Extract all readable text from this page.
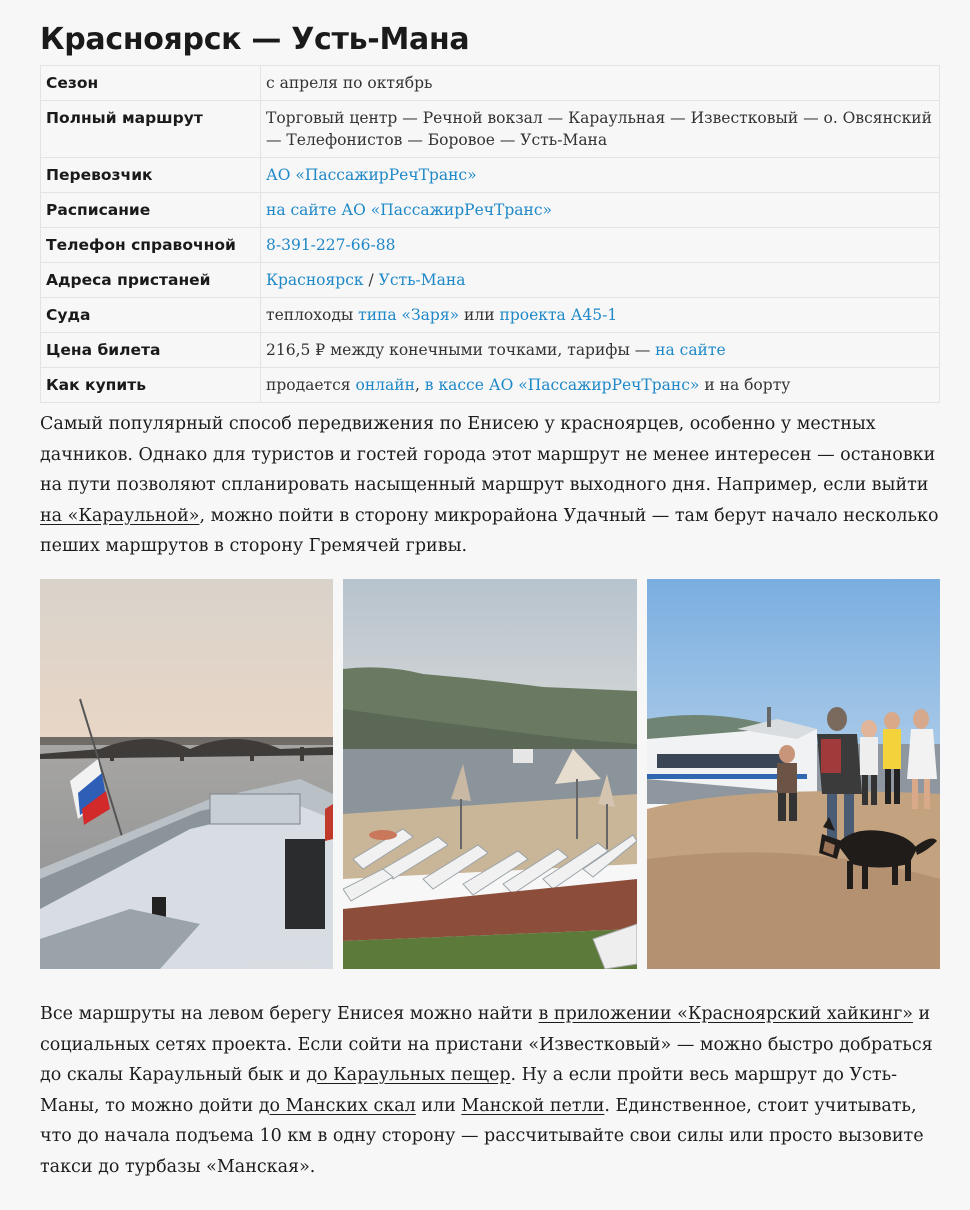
Красноярск — Усть-Мана
Сезон	с апреля по октябрь
Полный маршрут	Торговый центр — Речной вокзал — Караульная — Известковый — о. Овсянский — Телефонистов — Боровое — Усть-Мана
Перевозчик	АО «ПассажирРечТранс»
Расписание	на сайте АО «ПассажирРечТранс»
Телефон справочной	8-391-227-66-88
Адреса пристаней	Красноярск / Усть-Мана
Суда	теплоходы типа «Заря» или проекта А45-1
Цена билета	216,5 ₽ между конечными точками, тарифы — на сайте
Как купить	продается онлайн, в кассе АО «ПассажирРечТранс» и на борту

Самый популярный способ передвижения по Енисею у красноярцев, особенно у местных дачников. Однако для туристов и гостей города этот маршрут не менее интересен — остановки на пути позволяют спланировать насыщенный маршрут выходного дня. Например, если выйти на «Караульной», можно пойти в сторону микрорайона Удачный — там берут начало несколько пеших маршрутов в сторону Гремячей гривы.

Илья Попов / Т—Ж

Все маршруты на левом берегу Енисея можно найти в приложении «Красноярский хайкинг» и социальных сетях проекта. Если сойти на пристани «Известковый» — можно быстро добраться до скалы Караульный бык и до Караульных пещер. Ну а если пройти весь маршрут до Усть-Маны, то можно дойти до Манских скал или Манской петли. Единственное, стоит учитывать, что до начала подъема 10 км в одну сторону — рассчитывайте свои силы или просто вызовите такси до турбазы «Манская».
